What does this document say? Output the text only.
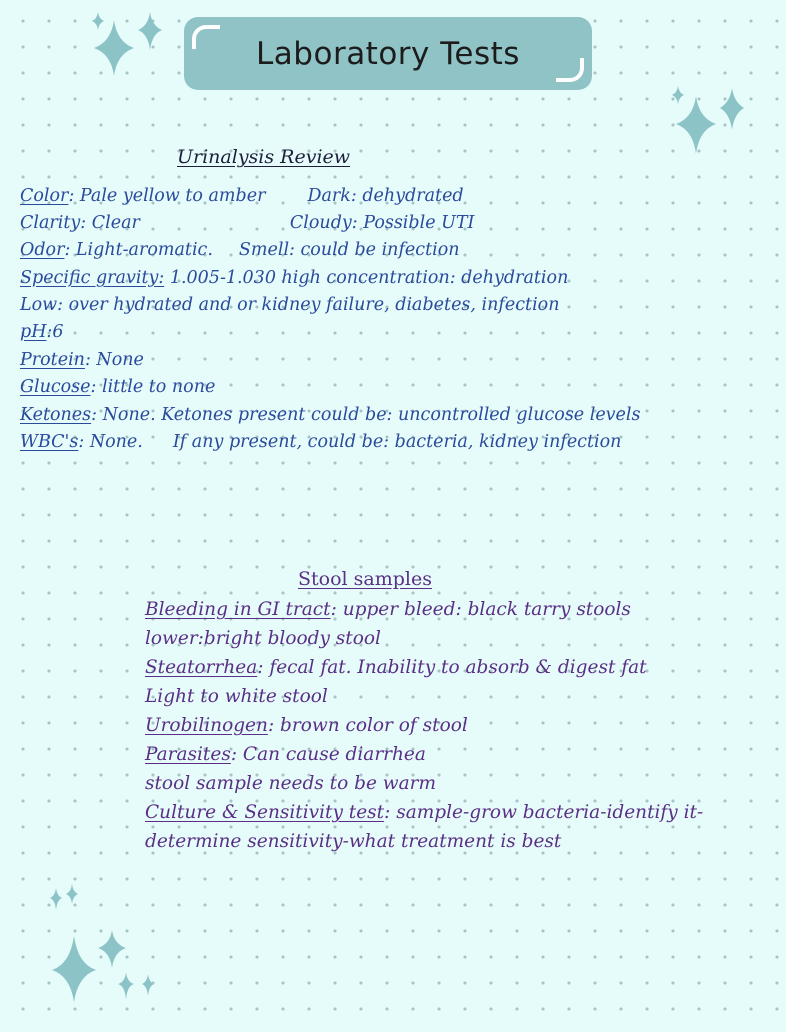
Laboratory Tests
Urinalysis Review
Color: Pale yellow to amber Dark: dehydrated
Clarity: Clear	Cloudy: Possible UTI
Odor: Light-aromatic. Smell: could be infection
Specific gravity: 1.005-1.030 high concentration: dehydration
Low: over hydrated and or kidney failure, diabetes, infection
pH:6
Protein: None
Glucose: little to none
Ketones: None. Ketones present could be: uncontrolled glucose levels
WBC's: None. If any present, could be: bacteria, kidney infection
Stool samples
Bleeding in GI tract: upper bleed: black tarry stools
lower:bright bloody stool
Steatorrhea: fecal fat. Inability to absorb & digest fat
Light to white stool
Urobilinogen: brown color of stool
Parasites: Can cause diarrhea
stool sample needs to be warm
Culture & Sensitivity test: sample-grow bacteria-identify it-
determine sensitivity-what treatment is best
